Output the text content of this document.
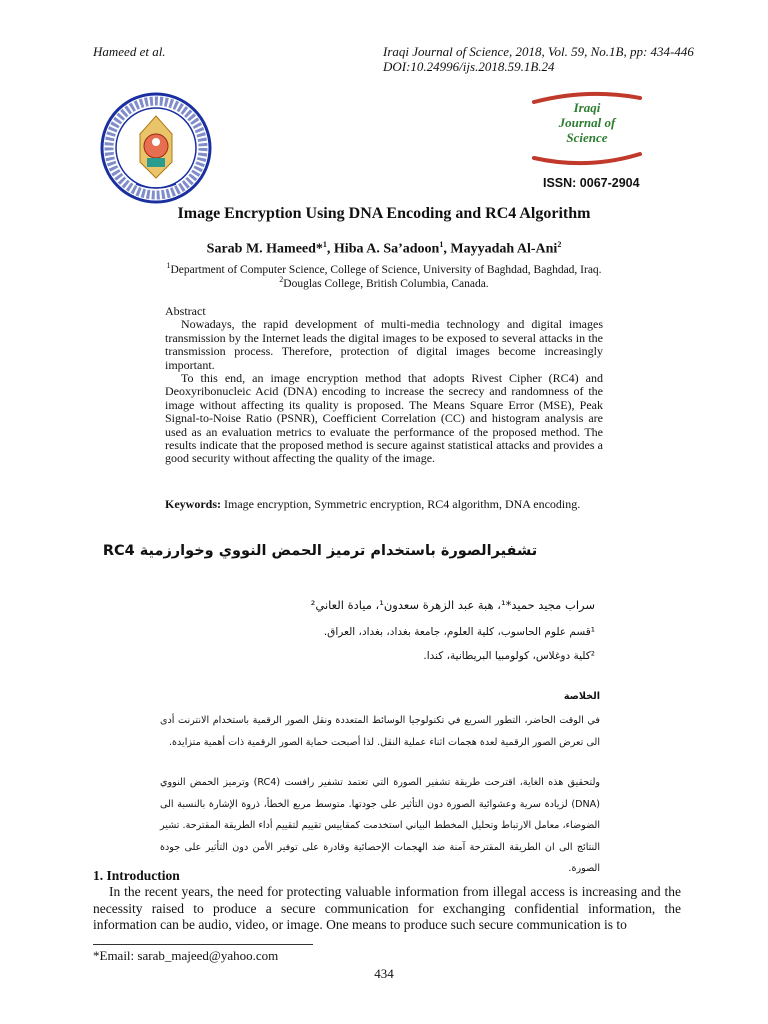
Hameed et al.	Iraqi Journal of Science, 2018, Vol. 59, No.1B, pp: 434-446
DOI:10.24996/ijs.2018.59.1B.24
Iraqi
Journal of
Science
ISSN: 0067-2904
Image Encryption Using DNA Encoding and RC4 Algorithm
Sarab M. Hameed*$^1$, Hiba A. Sa’adoon$^1$, Mayyadah Al-Ani$^2$
$^1$Department of Computer Science, College of Science, University of Baghdad, Baghdad, Iraq.
$^2$Douglas College, British Columbia, Canada.
Abstract
Nowadays, the rapid development of multi-media technology and digital images transmission by the Internet leads the digital images to be exposed to several attacks in the transmission process. Therefore, protection of digital images become increasingly important.
To this end, an image encryption method that adopts Rivest Cipher (RC4) and Deoxyribonucleic Acid (DNA) encoding to increase the secrecy and randomness of the image without affecting its quality is proposed. The Means Square Error (MSE), Peak Signal-to-Noise Ratio (PSNR), Coefficient Correlation (CC) and histogram analysis are used as an evaluation metrics to evaluate the performance of the proposed method. The results indicate that the proposed method is secure against statistical attacks and provides a good security without affecting the quality of the image.
Keywords: Image encryption, Symmetric encryption, RC4 algorithm, DNA encoding.
تشفيرالصورة باستخدام ترميز الحمض النووي وخوارزمية RC4
سراب مجيد حميد*¹، هبة عبد الزهرة سعدون¹، ميادة العاني²
¹قسم علوم الحاسوب، كلية العلوم، جامعة بغداد، بغداد، العراق.
²كلية دوغلاس، كولومبيا البريطانية، كندا.
الخلاصة
في الوقت الحاضر، التطور السريع في تكنولوجيا الوسائط المتعددة ونقل الصور الرقمية باستخدام الانترنت أدى الى تعرض الصور الرقمية لعدة هجمات اثناء عملية النقل. لذا أصبحت حماية الصور الرقمية ذات أهمية متزايدة.
ولتحقيق هذه الغاية، اقترحت طريقة تشفير الصورة التي تعتمد تشفير رافست (RC4) وترميز الحمض النووي (DNA) لزيادة سرية وعشوائية الصورة دون التأثير على جودتها. متوسط مربع الخطأ، ذروة الإشارة بالنسبة الى الضوضاء، معامل الارتباط وتحليل المخطط البياني استخدمت كمقاييس تقييم لتقييم أداء الطريقة المقترحة. تشير النتائج الى ان الطريقة المقترحة آمنة ضد الهجمات الإحصائية وقادرة على توفير الأمن دون التأثير على جودة الصورة.
1. Introduction
In the recent years, the need for protecting valuable information from illegal access is increasing and the necessity raised to produce a secure communication for exchanging confidential information, the information can be audio, video, or image. One means to produce such secure communication is to
*Email: sarab_majeed@yahoo.com
434
